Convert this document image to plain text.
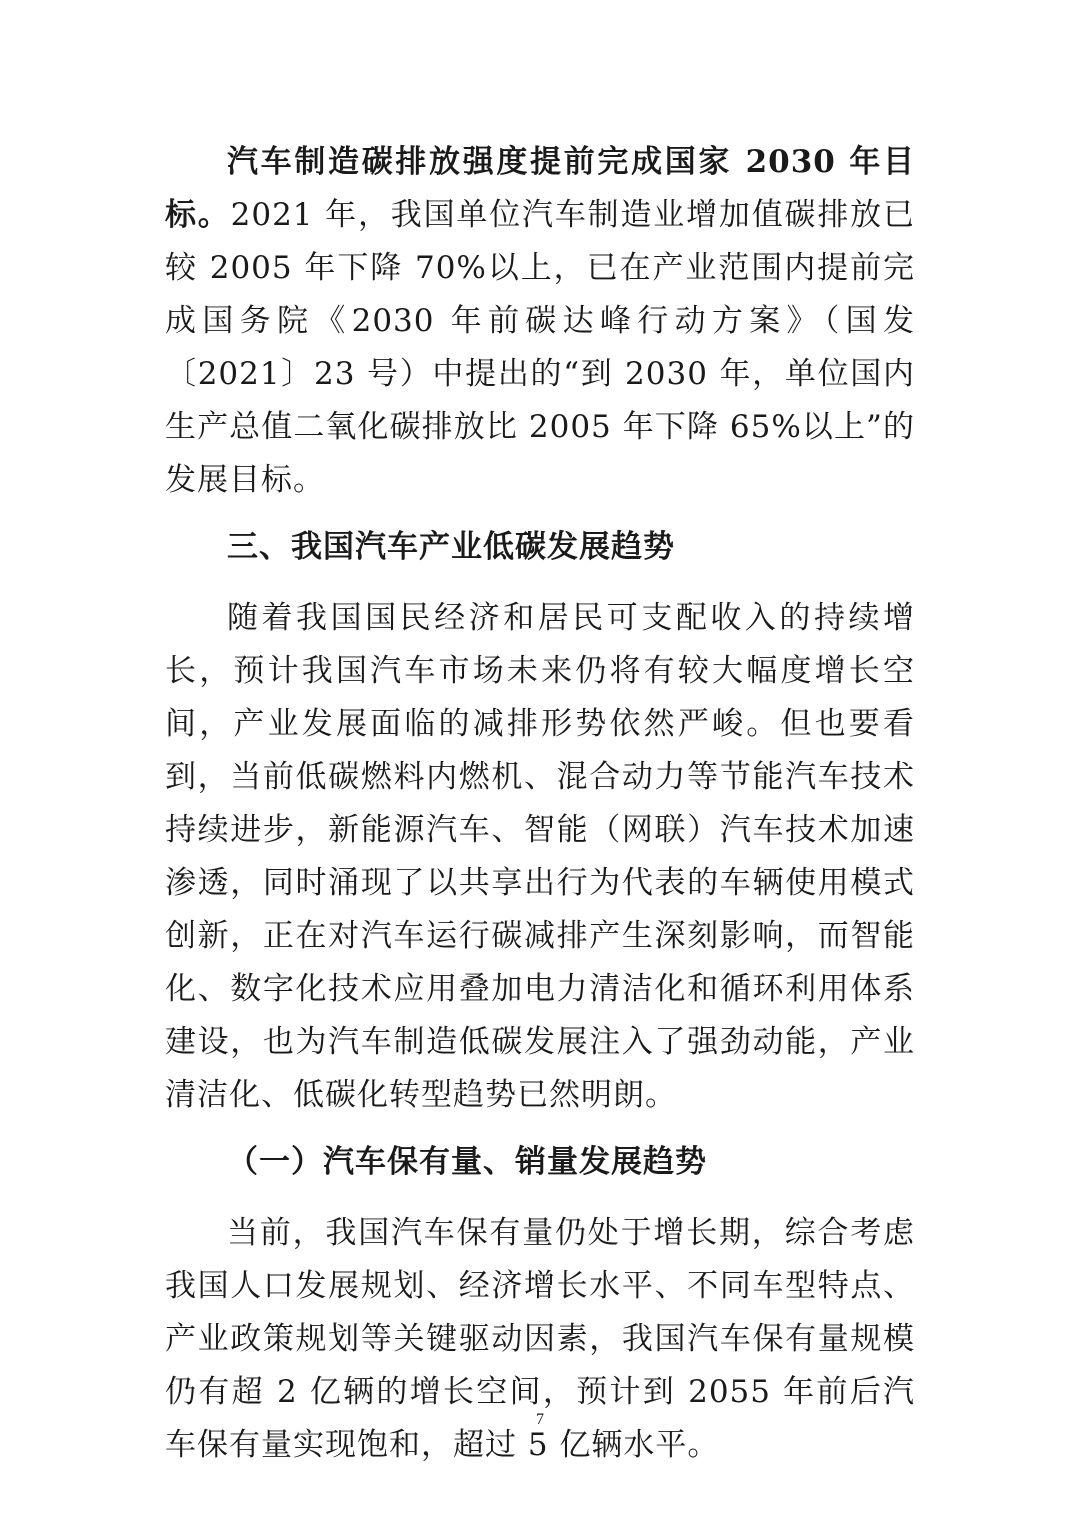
汽车制造碳排放强度提前完成国家 2030 年目标。2021 年，我国单位汽车制造业增加值碳排放已较 2005 年下降 70%以上，已在产业范围内提前完成国务院《2030 年前碳达峰行动方案》（国发〔2021〕23 号）中提出的“到 2030 年，单位国内生产总值二氧化碳排放比 2005 年下降 65%以上”的发展目标。

三、我国汽车产业低碳发展趋势

随着我国国民经济和居民可支配收入的持续增长，预计我国汽车市场未来仍将有较大幅度增长空间，产业发展面临的减排形势依然严峻。但也要看到，当前低碳燃料内燃机、混合动力等节能汽车技术持续进步，新能源汽车、智能（网联）汽车技术加速渗透，同时涌现了以共享出行为代表的车辆使用模式创新，正在对汽车运行碳减排产生深刻影响，而智能化、数字化技术应用叠加电力清洁化和循环利用体系建设，也为汽车制造低碳发展注入了强劲动能，产业清洁化、低碳化转型趋势已然明朗。

（一）汽车保有量、销量发展趋势

当前，我国汽车保有量仍处于增长期，综合考虑我国人口发展规划、经济增长水平、不同车型特点、产业政策规划等关键驱动因素，我国汽车保有量规模仍有超 2 亿辆的增长空间，预计到 2055 年前后汽车保有量实现饱和，超过 5 亿辆水平。

7
